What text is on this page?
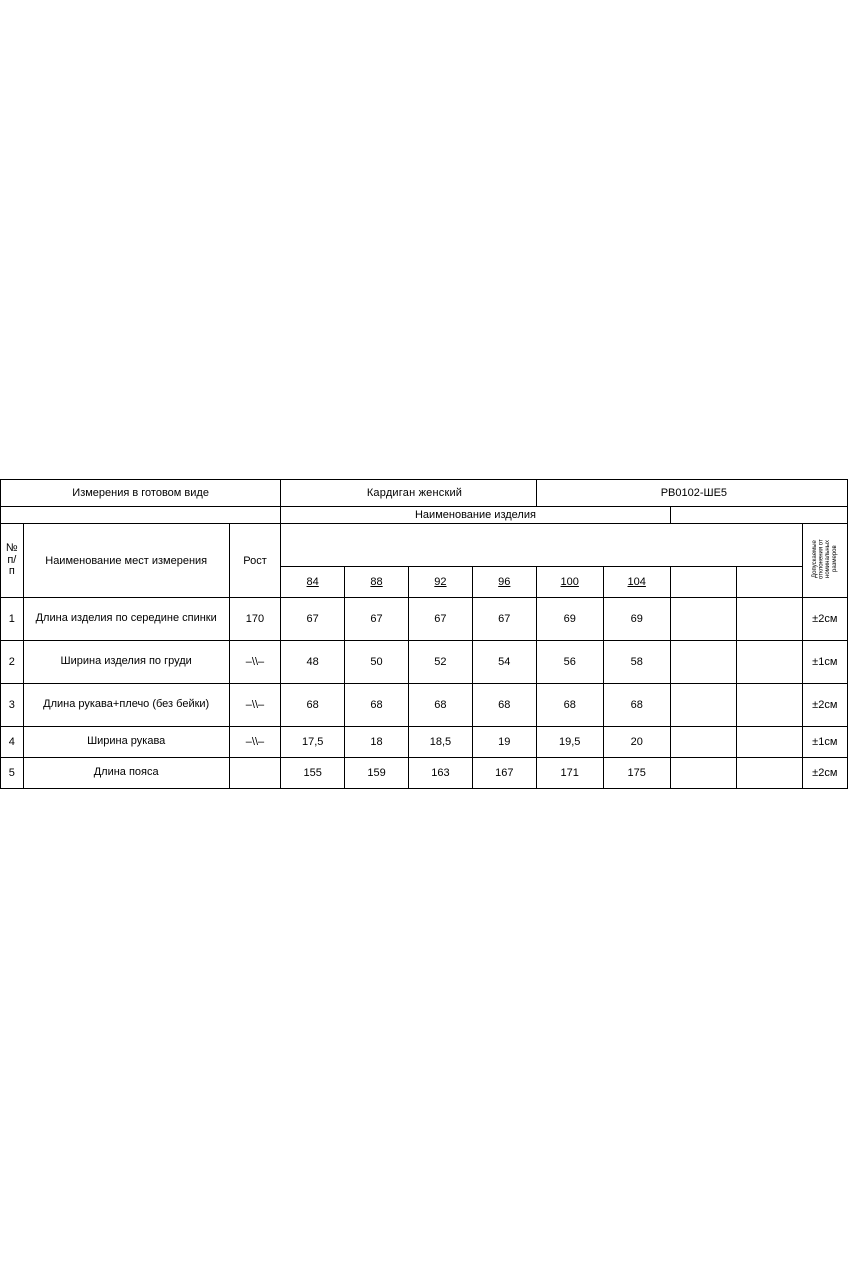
Измерения в готовом виде			Кардиган женский				РВ0102-ШЕ5				
			Наименование изделия								

№
п/
п	Наименование мест измерения	Рост									Допускаемые отклонения от номинальных размеров
			84	88	92	96	100	104			
1	Длина изделия по середине спинки	170	67	67	67	67	69	69			±2см
2	Ширина изделия по груди	–\\–	48	50	52	54	56	58			±1см
3	Длина рукава+плечо (без бейки)	–\\–	68	68	68	68	68	68			±2см
4	Ширина рукава	–\\–	17,5	18	18,5	19	19,5	20			±1см
5	Длина пояса		155	159	163	167	171	175			±2см
